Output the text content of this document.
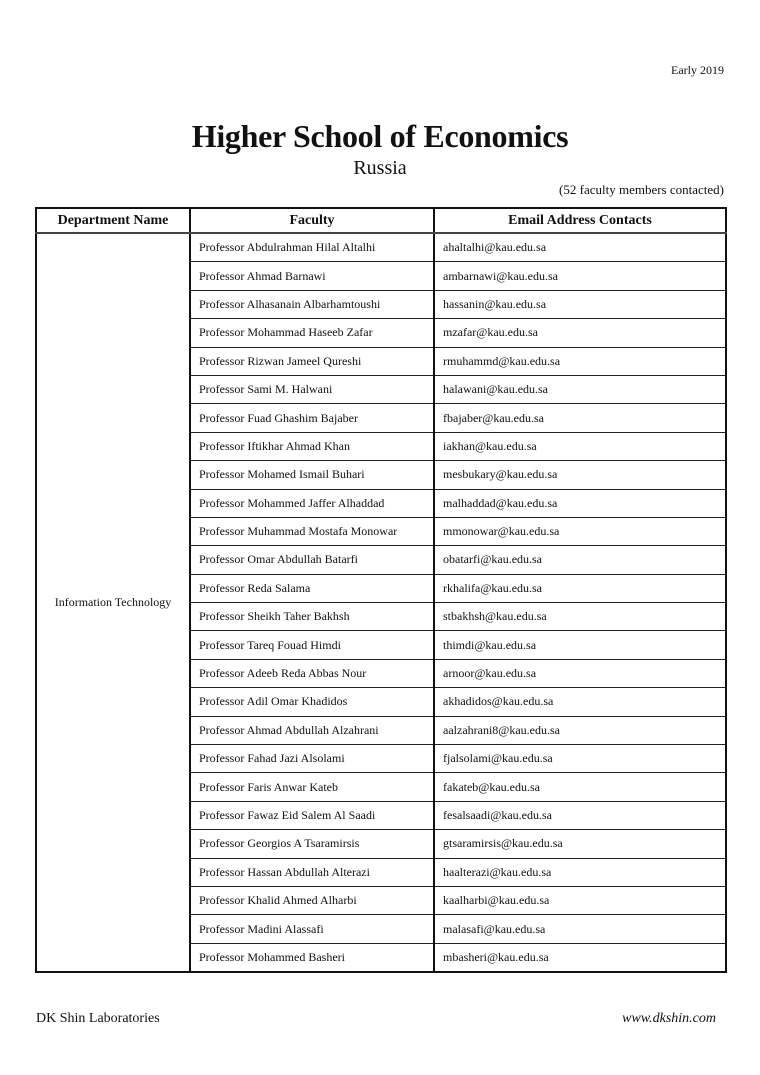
Early 2019
Higher School of Economics
Russia
(52 faculty members contacted)
Department Name	Faculty	Email Address Contacts
Information Technology	Professor Abdulrahman Hilal Altalhi	ahaltalhi@kau.edu.sa
	Professor Ahmad Barnawi	ambarnawi@kau.edu.sa
	Professor Alhasanain Albarhamtoushi	hassanin@kau.edu.sa
	Professor Mohammad Haseeb Zafar	mzafar@kau.edu.sa
	Professor Rizwan Jameel Qureshi	rmuhammd@kau.edu.sa
	Professor Sami M. Halwani	halawani@kau.edu.sa
	Professor Fuad Ghashim Bajaber	fbajaber@kau.edu.sa
	Professor Iftikhar Ahmad Khan	iakhan@kau.edu.sa
	Professor Mohamed Ismail Buhari	mesbukary@kau.edu.sa
	Professor Mohammed Jaffer Alhaddad	malhaddad@kau.edu.sa
	Professor Muhammad Mostafa Monowar	mmonowar@kau.edu.sa
	Professor Omar Abdullah Batarfi	obatarfi@kau.edu.sa
	Professor Reda Salama	rkhalifa@kau.edu.sa
	Professor Sheikh Taher Bakhsh	stbakhsh@kau.edu.sa
	Professor Tareq Fouad Himdi	thimdi@kau.edu.sa
	Professor Adeeb Reda Abbas Nour	arnoor@kau.edu.sa
	Professor Adil Omar Khadidos	akhadidos@kau.edu.sa
	Professor Ahmad Abdullah Alzahrani	aalzahrani8@kau.edu.sa
	Professor Fahad Jazi Alsolami	fjalsolami@kau.edu.sa
	Professor Faris Anwar Kateb	fakateb@kau.edu.sa
	Professor Fawaz Eid Salem Al Saadi	fesalsaadi@kau.edu.sa
	Professor Georgios A Tsaramirsis	gtsaramirsis@kau.edu.sa
	Professor Hassan Abdullah Alterazi	haalterazi@kau.edu.sa
	Professor Khalid Ahmed Alharbi	kaalharbi@kau.edu.sa
	Professor Madini Alassafi	malasafi@kau.edu.sa
	Professor Mohammed Basheri	mbasheri@kau.edu.sa
DK Shin Laboratories	www.dkshin.com
